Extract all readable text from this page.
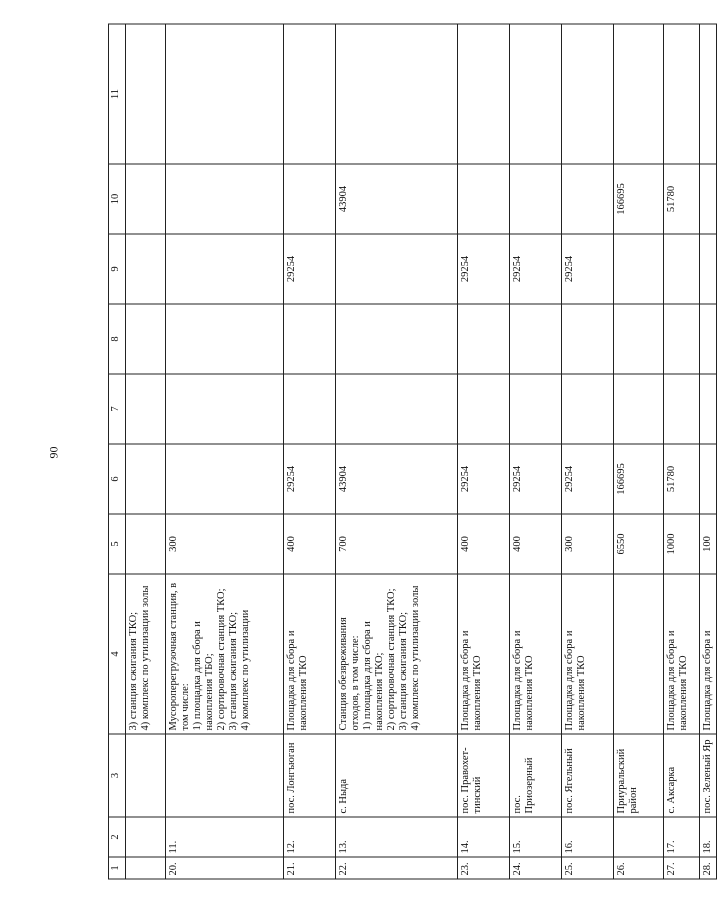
90
1	2	3	4	5	6	7	8	9	10	11
			3) станция сжигания ТКО;
4) комплекс по утилизации золы							
20.	11.		Мусороперегрузочная станция, в том числе:
1) площадка для сбора и накопления ТБО;
2) сортировочная станция ТКО;
3) станция сжигания ТКО;
4) комплекс по утилизации	300						
21.	12.	пос. Лонгъюган	Площадка для сбора и накопления ТКО	400	29254			29254		
22.	13.	с. Ныда	Станция обезвреживания отходов, в том числе:
1) площадка для сбора и накопления ТКО;
2) сортировочная станция ТКО;
3) станция сжигания ТКО;
4) комплекс по утилизации золы	700	43904				43904	
23.	14.	пос. Правохет-тинский	Площадка для сбора и накопления ТКО	400	29254			29254		
24.	15.	пос. Приозерный	Площадка для сбора и накопления ТКО	400	29254			29254		
25.	16.	пос. Ягельный	Площадка для сбора и накопления ТКО	300	29254			29254		
26.		Приуральский район		6550	166695				166695	
27.	17.	с. Аксарка	Площадка для сбора и накопления ТКО	1000	51780				51780	
28.	18.	пос. Зеленый Яр	Площадка для сбора и	100						
